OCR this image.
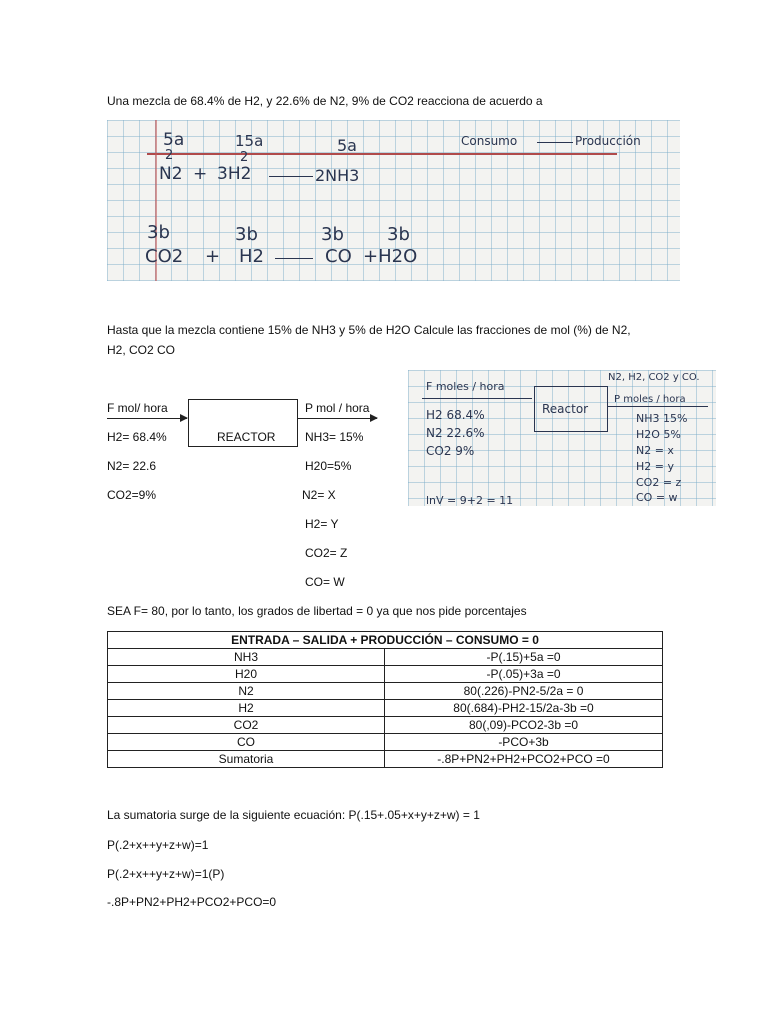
Una mezcla de 68.4% de H2, y 22.6% de N2, 9% de CO2 reacciona de acuerdo a
5a
2
15a
2
5a	Consumo	Producción
N2 + 3H2	2NH3
3b	3b	3b 3b
CO2 + H2	CO +H2O
Hasta que la mezcla contiene 15% de NH3 y 5% de H2O Calcule las fracciones de mol (%) de N2,
H2, CO2 CO
F mol/ hora	P mol / hora
REACTOR
H2= 68.4%
N2= 22.6
CO2=9%
NH3= 15%
H20=5%
N2= X
H2= Y
CO2= Z
CO= W
N2, H2, CO2 y CO.
F moles / hora
Reactor
P moles / hora
H2 68.4%
N2 22.6%
CO2 9%
NH3 15%
H2O 5%
N2 = x
H2 = y
CO2 = z
CO = w
lnV = 9+2 = 11
SEA F= 80, por lo tanto, los grados de libertad = 0 ya que nos pide porcentajes
ENTRADA – SALIDA + PRODUCCIÓN – CONSUMO = 0	
NH3	-P(.15)+5a =0
H20	-P(.05)+3a =0
N2	80(.226)-PN2-5/2a = 0
H2	80(.684)-PH2-15/2a-3b =0
CO2	80(,09)-PCO2-3b =0
CO	-PCO+3b
Sumatoria	-.8P+PN2+PH2+PCO2+PCO =0
La sumatoria surge de la siguiente ecuación: P(.15+.05+x+y+z+w) = 1
P(.2+x++y+z+w)=1
P(.2+x++y+z+w)=1(P)
-.8P+PN2+PH2+PCO2+PCO=0
